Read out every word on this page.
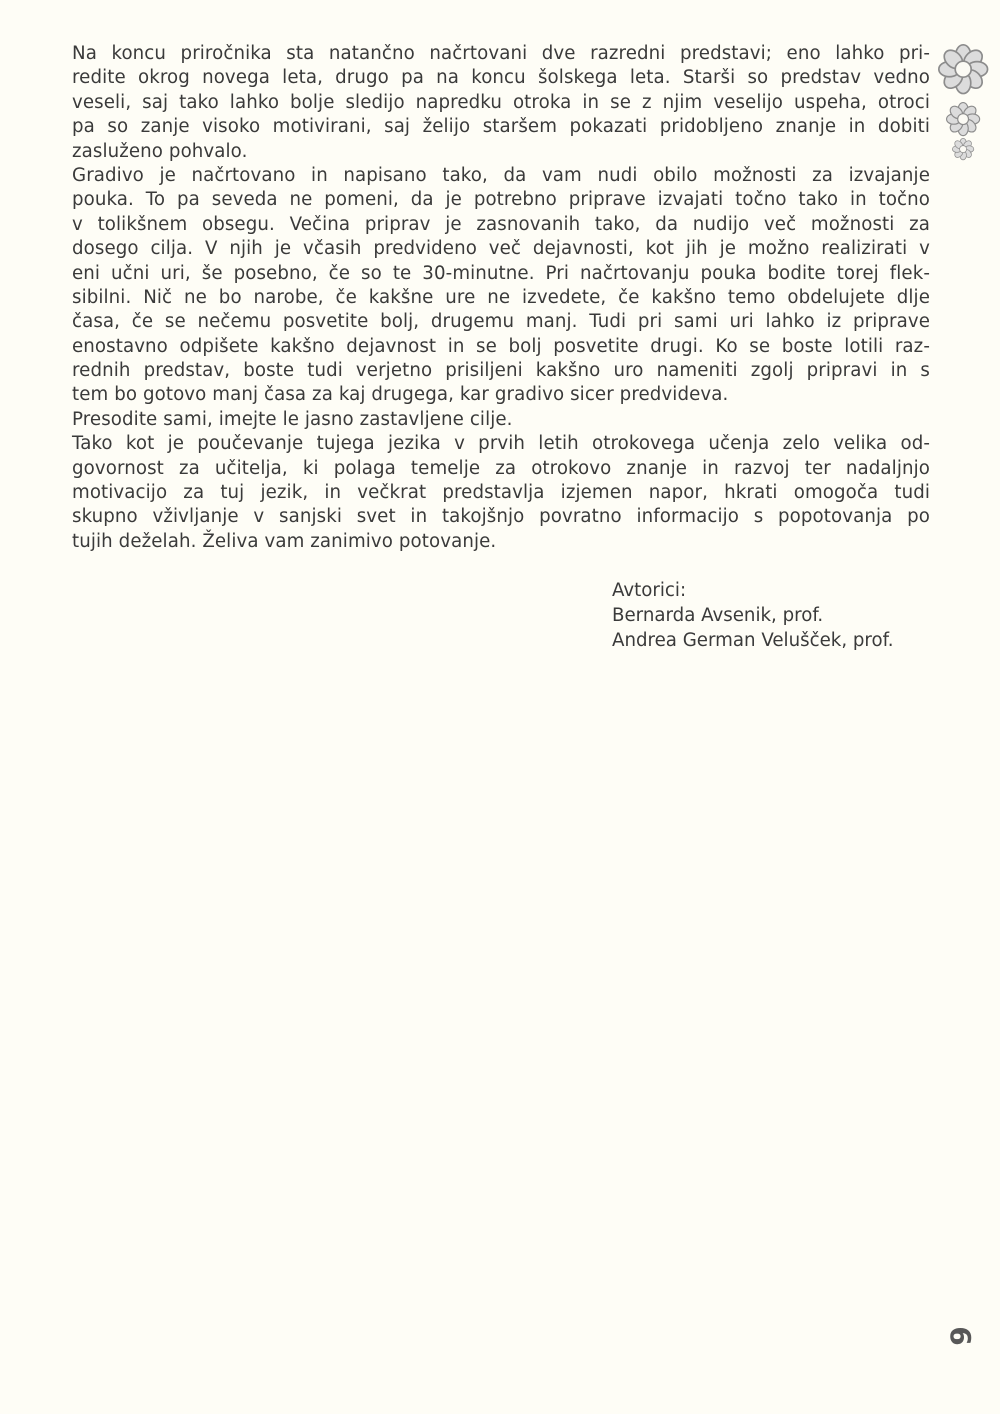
Na koncu priročnika sta natančno načrtovani dve razredni predstavi; eno lahko pri-
redite okrog novega leta, drugo pa na koncu šolskega leta. Starši so predstav vedno
veseli, saj tako lahko bolje sledijo napredku otroka in se z njim veselijo uspeha, otroci
pa so zanje visoko motivirani, saj želijo staršem pokazati pridobljeno znanje in dobiti
zasluženo pohvalo.
Gradivo je načrtovano in napisano tako, da vam nudi obilo možnosti za izvajanje
pouka. To pa seveda ne pomeni, da je potrebno priprave izvajati točno tako in točno
v tolikšnem obsegu. Večina priprav je zasnovanih tako, da nudijo več možnosti za
dosego cilja. V njih je včasih predvideno več dejavnosti, kot jih je možno realizirati v
eni učni uri, še posebno, če so te 30-minutne. Pri načrtovanju pouka bodite torej flek-
sibilni. Nič ne bo narobe, če kakšne ure ne izvedete, če kakšno temo obdelujete dlje
časa, če se nečemu posvetite bolj, drugemu manj. Tudi pri sami uri lahko iz priprave
enostavno odpišete kakšno dejavnost in se bolj posvetite drugi. Ko se boste lotili raz-
rednih predstav, boste tudi verjetno prisiljeni kakšno uro nameniti zgolj pripravi in s
tem bo gotovo manj časa za kaj drugega, kar gradivo sicer predvideva.
Presodite sami, imejte le jasno zastavljene cilje.
Tako kot je poučevanje tujega jezika v prvih letih otrokovega učenja zelo velika od-
govornost za učitelja, ki polaga temelje za otrokovo znanje in razvoj ter nadaljnjo
motivacijo za tuj jezik, in večkrat predstavlja izjemen napor, hkrati omogoča tudi
skupno vživljanje v sanjski svet in takojšnjo povratno informacijo s popotovanja po
tujih deželah. Želiva vam zanimivo potovanje.
Avtorici:
Bernarda Avsenik, prof.
Andrea German Velušček, prof.
6
